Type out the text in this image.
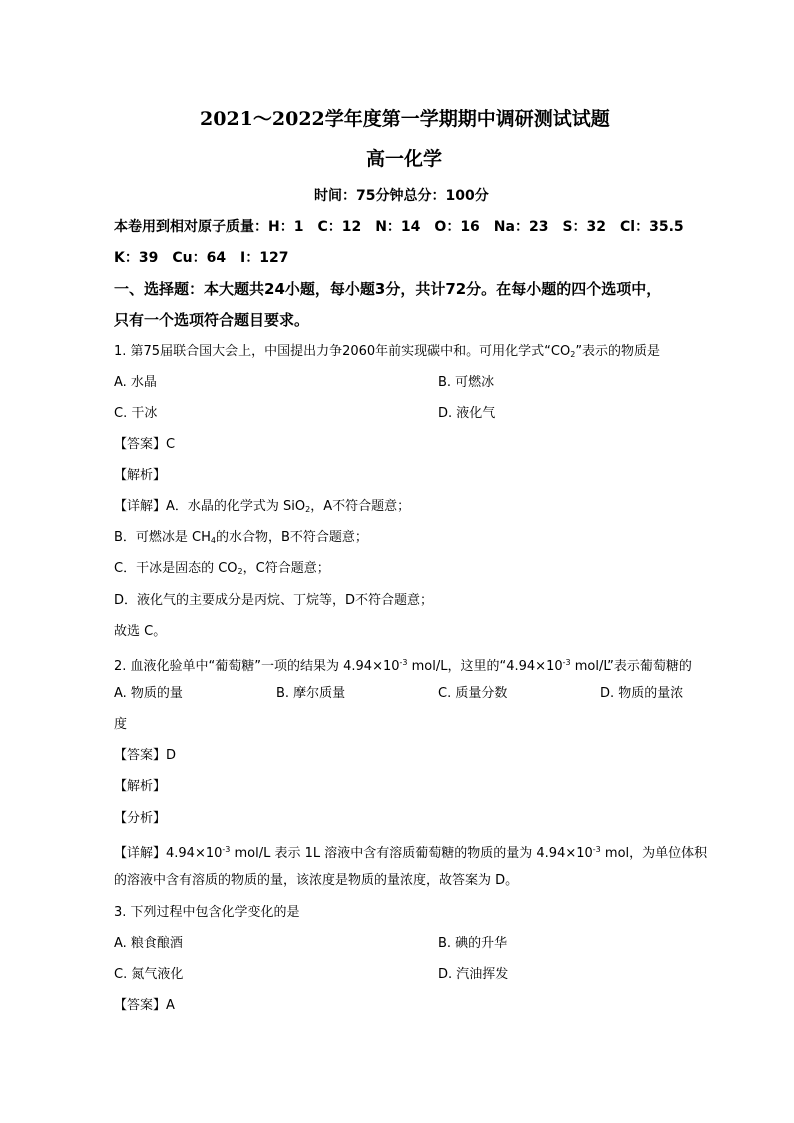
2021～2022学年度第一学期期中调研测试试题
高一化学
时间：75分钟总分：100分
本卷用到相对原子质量：H：1　C：12　N：14　O：16　Na：23　S：32　Cl：35.5
K：39　Cu：64　I：127
一、选择题：本大题共24小题，每小题3分，共计72分。在每小题的四个选项中，
只有一个选项符合题目要求。
1. 第75届联合国大会上，中国提出力争2060年前实现碳中和。可用化学式“$CO_2$”表示的物质是
A. 水晶	B. 可燃冰
C. 干冰	D. 液化气
【答案】C
【解析】
【详解】A．水晶的化学式为 SiO$_2$，A不符合题意；
B．可燃冰是 $CH_4$的水合物，B不符合题意；
C．干冰是固态的 $CO_2$，C符合题意；
D．液化气的主要成分是丙烷、丁烷等，D不符合题意；
故选 C。
2. 血液化验单中“葡萄糖”一项的结果为 $4.94\times 10^{-3}$ mol/L，这里的“$4.94\times 10^{-3}$ mol/L”表示葡萄糖的
A. 物质的量	B. 摩尔质量	C. 质量分数	D. 物质的量浓
度
【答案】D
【解析】
【分析】
【详解】$4.94\times 10^{-3}$ mol/L 表示 1L 溶液中含有溶质葡萄糖的物质的量为 $4.94\times 10^{-3}$ mol，为单位体积
的溶液中含有溶质的物质的量，该浓度是物质的量浓度，故答案为 D。
3. 下列过程中包含化学变化的是
A. 粮食酿酒	B. 碘的升华
C. 氮气液化	D. 汽油挥发
【答案】A
